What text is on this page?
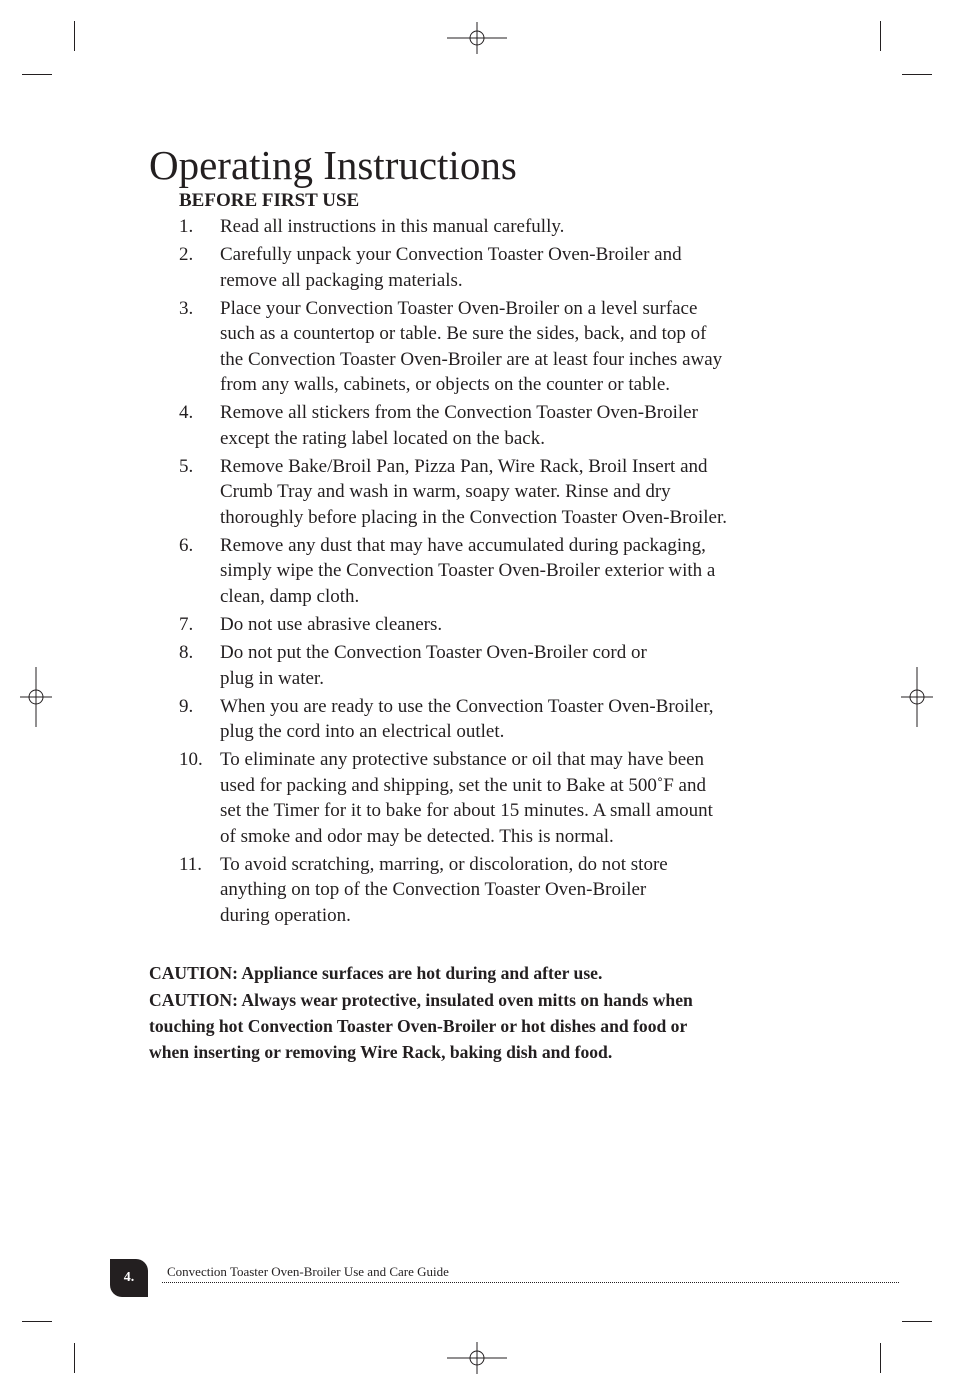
Operating Instructions
BEFORE FIRST USE
1.	Read all instructions in this manual carefully.
2.	Carefully unpack your Convection Toaster Oven-Broiler and
remove all packaging materials.
3.	Place your Convection Toaster Oven-Broiler on a level surface
such as a countertop or table. Be sure the sides, back, and top of
the Convection Toaster Oven-Broiler are at least four inches away
from any walls, cabinets, or objects on the counter or table.
4.	Remove all stickers from the Convection Toaster Oven-Broiler
except the rating label located on the back.
5.	Remove Bake/Broil Pan, Pizza Pan, Wire Rack, Broil Insert and
Crumb Tray and wash in warm, soapy water. Rinse and dry
thoroughly before placing in the Convection Toaster Oven-Broiler.
6.	Remove any dust that may have accumulated during packaging,
simply wipe the Convection Toaster Oven-Broiler exterior with a
clean, damp cloth.
7.	Do not use abrasive cleaners.
8.	Do not put the Convection Toaster Oven-Broiler cord or
plug in water.
9.	When you are ready to use the Convection Toaster Oven-Broiler,
plug the cord into an electrical outlet.
10. To eliminate any protective substance or oil that may have been
used for packing and shipping, set the unit to Bake at 500˚F and
set the Timer for it to bake for about 15 minutes. A small amount
of smoke and odor may be detected. This is normal.
11. To avoid scratching, marring, or discoloration, do not store
anything on top of the Convection Toaster Oven-Broiler
during operation.

CAUTION: Appliance surfaces are hot during and after use.

CAUTION: Always wear protective, insulated oven mitts on hands when
touching hot Convection Toaster Oven-Broiler or hot dishes and food or
when inserting or removing Wire Rack, baking dish and food.

4.	Convection Toaster Oven-Broiler Use and Care Guide
